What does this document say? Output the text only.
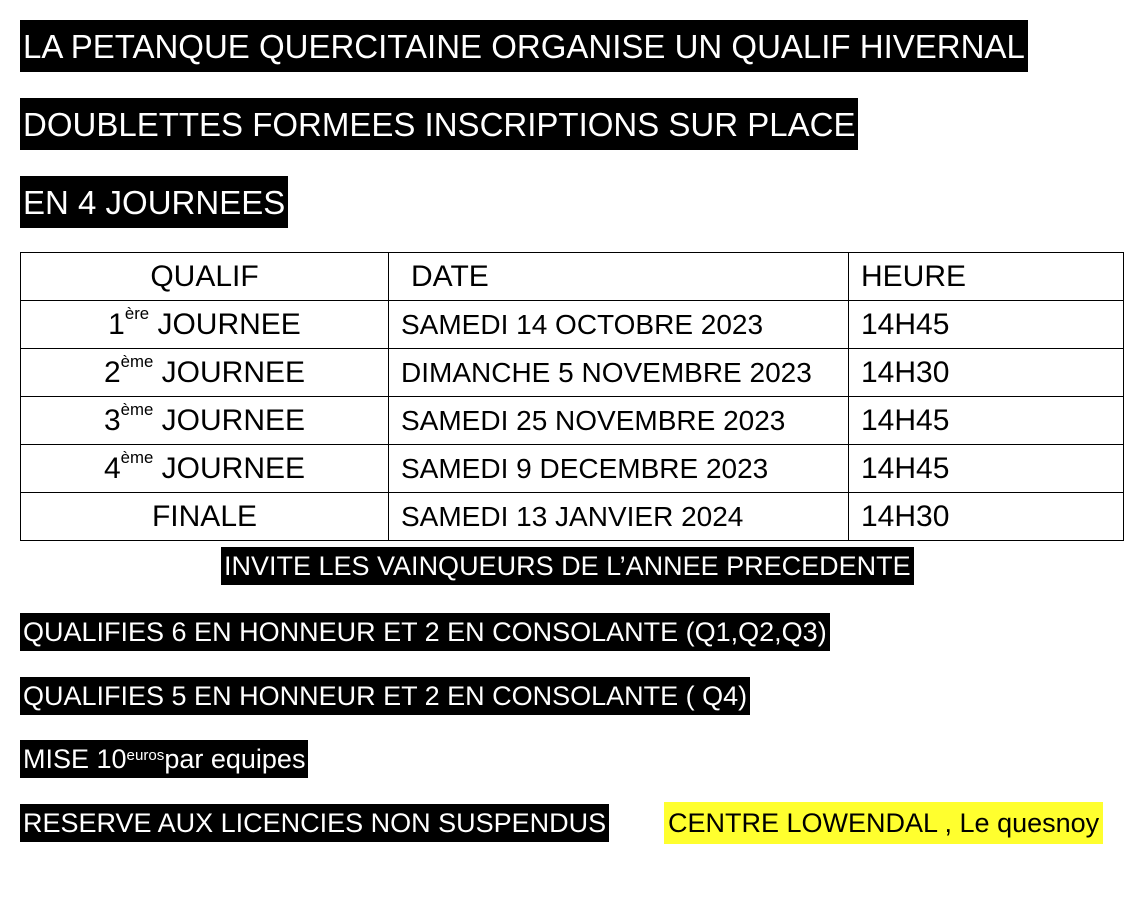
LA PETANQUE QUERCITAINE ORGANISE UN QUALIF HIVERNAL
DOUBLETTES FORMEES INSCRIPTIONS SUR PLACE
EN 4 JOURNEES
QUALIF	DATE	HEURE
1ère JOURNEE	SAMEDI 14 OCTOBRE 2023	14H45
2ème JOURNEE	DIMANCHE 5 NOVEMBRE 2023	14H30
3ème JOURNEE	SAMEDI 25 NOVEMBRE 2023	14H45
4ème JOURNEE	SAMEDI 9 DECEMBRE 2023	14H45
FINALE	SAMEDI 13 JANVIER 2024	14H30
INVITE LES VAINQUEURS DE L’ANNEE PRECEDENTE
QUALIFIES 6 EN HONNEUR ET 2 EN CONSOLANTE (Q1,Q2,Q3)
QUALIFIES 5 EN HONNEUR ET 2 EN CONSOLANTE ( Q4)
MISE $10^{euros}$ par equipes
RESERVE AUX LICENCIES NON SUSPENDUS CENTRE LOWENDAL , Le quesnoy
